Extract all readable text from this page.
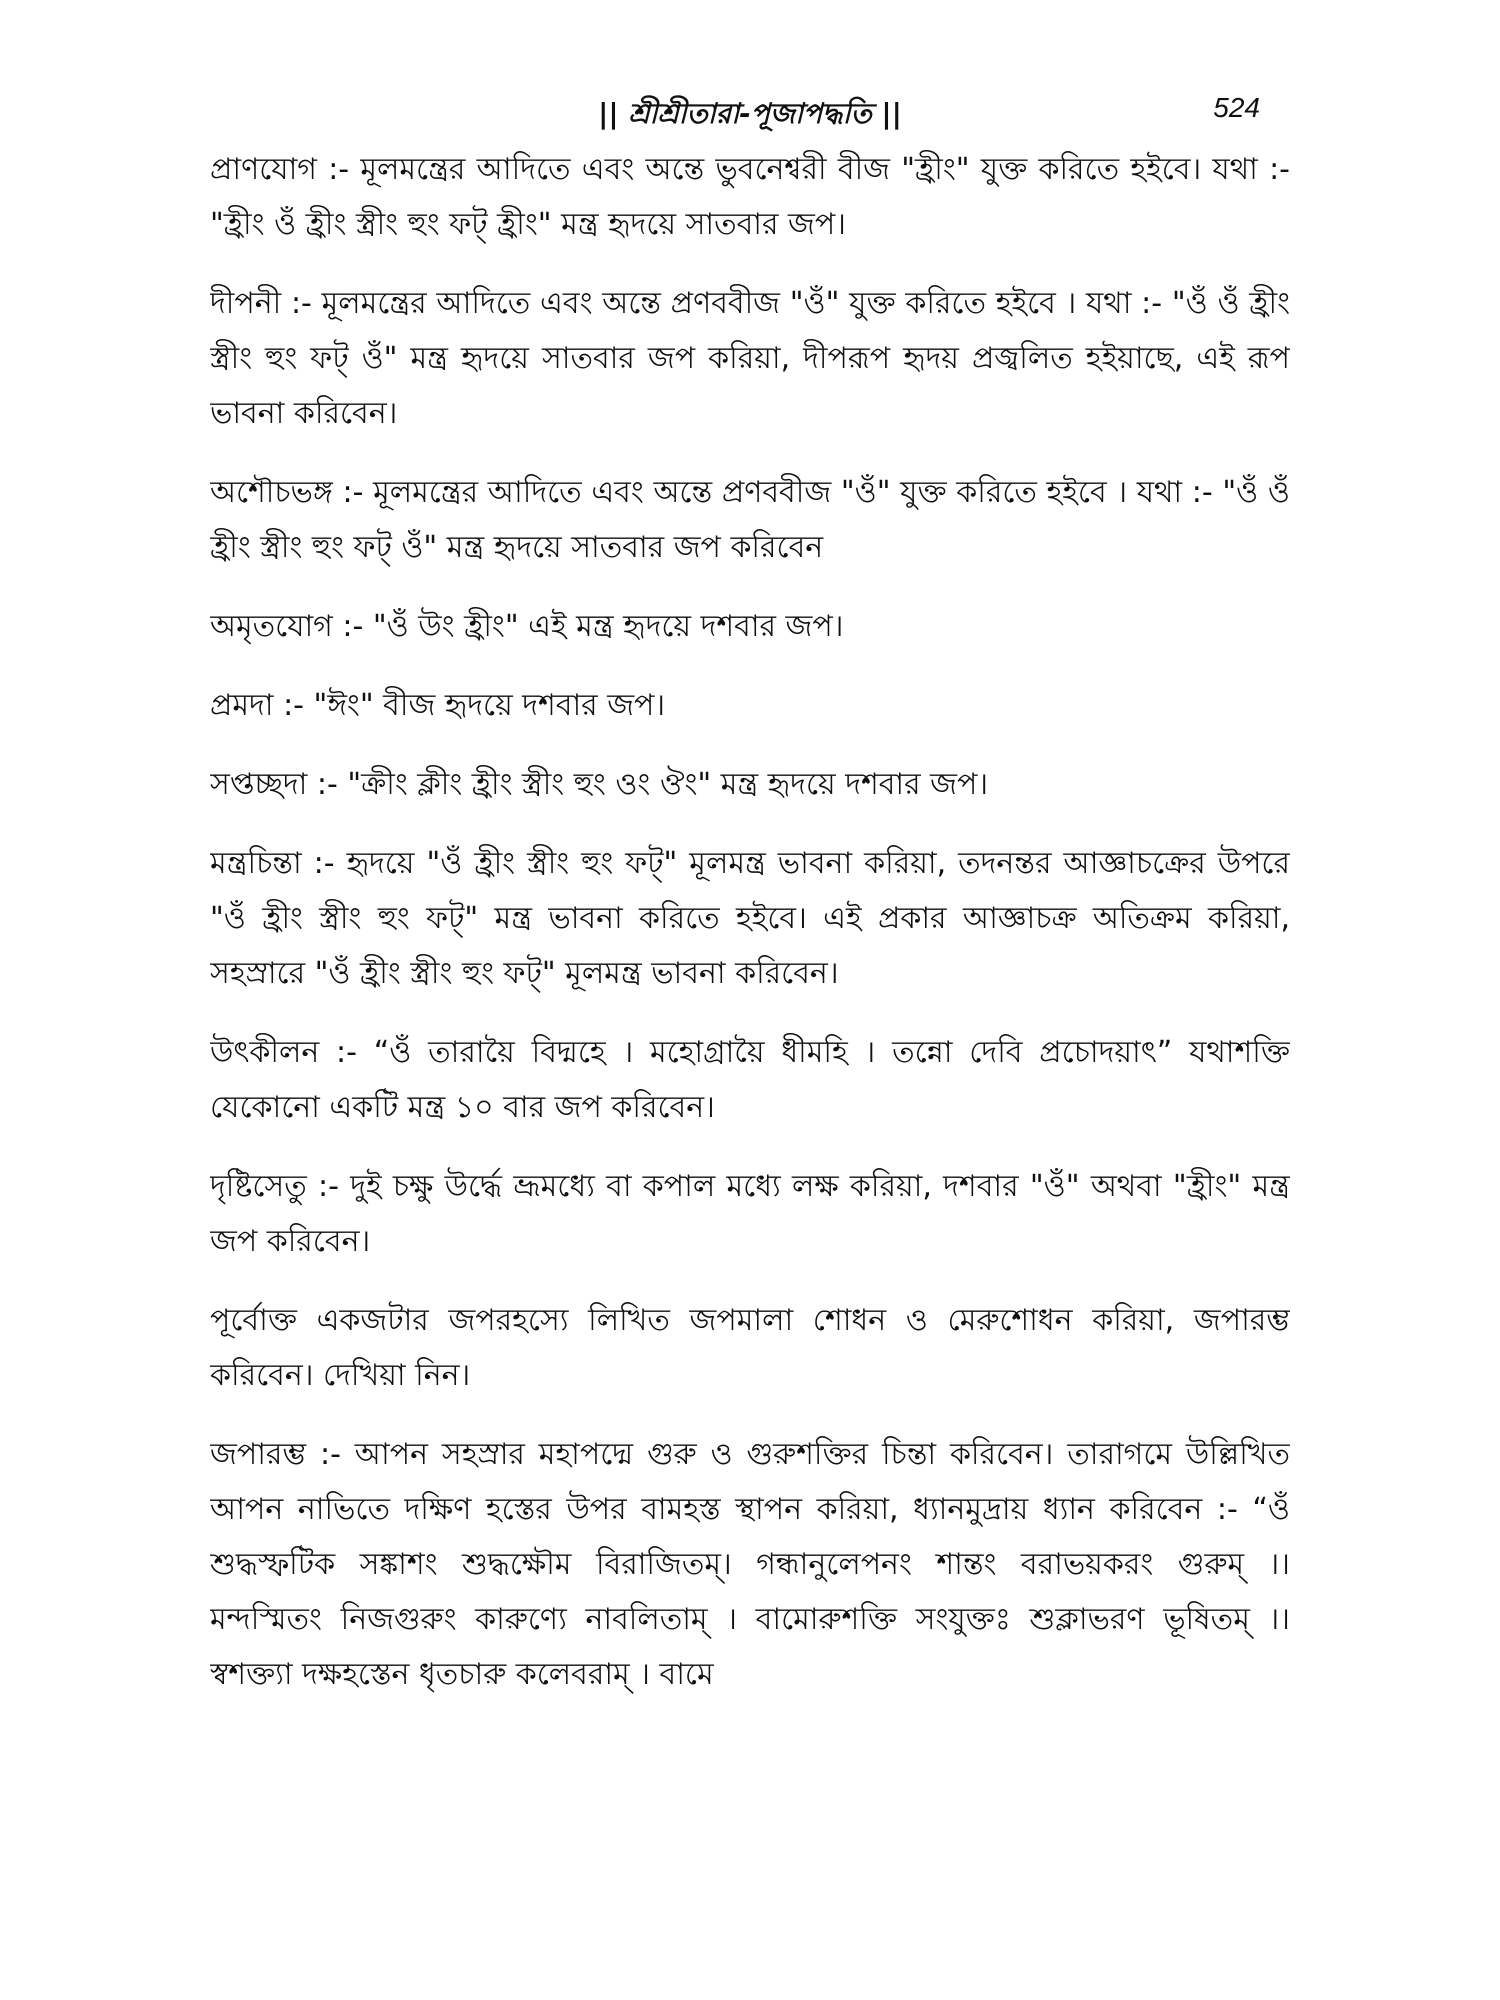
|| শ্রীশ্রীতারা-পূজাপদ্ধতি ||	524

প্রাণযোগ :- মূলমন্ত্রের আদিতে এবং অন্তে ভুবনেশ্বরী বীজ "হ্রীং" যুক্ত করিতে হইবে। যথা :- "হ্রীং ওঁ হ্রীং স্ত্রীং হুং ফট্ হ্রীং" মন্ত্র হৃদয়ে সাতবার জপ।

দীপনী :- মূলমন্ত্রের আদিতে এবং অন্তে প্রণববীজ "ওঁ" যুক্ত করিতে হইবে । যথা :- "ওঁ ওঁ হ্রীং স্ত্রীং হুং ফট্ ওঁ" মন্ত্র হৃদয়ে সাতবার জপ করিয়া, দীপরূপ হৃদয় প্রজ্বলিত হইয়াছে, এই রূপ ভাবনা করিবেন।

অশৌচভঙ্গ :- মূলমন্ত্রের আদিতে এবং অন্তে প্রণববীজ "ওঁ" যুক্ত করিতে হইবে । যথা :- "ওঁ ওঁ হ্রীং স্ত্রীং হুং ফট্ ওঁ" মন্ত্র হৃদয়ে সাতবার জপ করিবেন

অমৃতযোগ :- "ওঁ উং হ্রীং" এই মন্ত্র হৃদয়ে দশবার জপ।

প্রমদা :- "ঈং" বীজ হৃদয়ে দশবার জপ।

সপ্তচ্ছদা :- "ক্রীং ক্লীং হ্রীং স্ত্রীং হুং ওং ঔং" মন্ত্র হৃদয়ে দশবার জপ।

মন্ত্রচিন্তা :- হৃদয়ে "ওঁ হ্রীং স্ত্রীং হুং ফট্" মূলমন্ত্র ভাবনা করিয়া, তদনন্তর আজ্ঞাচক্রের উপরে "ওঁ হ্রীং স্ত্রীং হুং ফট্" মন্ত্র ভাবনা করিতে হইবে। এই প্রকার আজ্ঞাচক্র অতিক্রম করিয়া, সহস্রারে "ওঁ হ্রীং স্ত্রীং হুং ফট্" মূলমন্ত্র ভাবনা করিবেন।

উৎকীলন :- “ওঁ তারায়ৈ বিদ্মহে । মহোগ্রায়ৈ ধীমহি । তন্নো দেবি প্রচোদয়াৎ” যথাশক্তি যেকোনো একটি মন্ত্র ১০ বার জপ করিবেন।

দৃষ্টিসেতু :- দুই চক্ষু উর্দ্ধে ভ্রূমধ্যে বা কপাল মধ্যে লক্ষ করিয়া, দশবার "ওঁ" অথবা "হ্রীং" মন্ত্র জপ করিবেন।

পূর্বোক্ত একজটার জপরহস্যে লিখিত জপমালা শোধন ও মেরুশোধন করিয়া, জপারম্ভ করিবেন। দেখিয়া নিন।

জপারম্ভ :- আপন সহস্রার মহাপদ্মে গুরু ও গুরুশক্তির চিন্তা করিবেন। তারাগমে উল্লিখিত আপন নাভিতে দক্ষিণ হস্তের উপর বামহস্ত স্থাপন করিয়া, ধ্যানমুদ্রায় ধ্যান করিবেন :- “ওঁ শুদ্ধস্ফটিক সঙ্কাশং শুদ্ধক্ষৌম বিরাজিতম্। গন্ধানুলেপনং শান্তং বরাভয়করং গুরুম্ ।। মন্দস্মিতং নিজগুরুং কারুণ্যে নাবলিতাম্ । বামোরুশক্তি সংযুক্তঃ শুক্লাভরণ ভূষিতম্ ।। স্বশক্ত্যা দক্ষহস্তেন ধৃতচারু কলেবরাম্ । বামে
